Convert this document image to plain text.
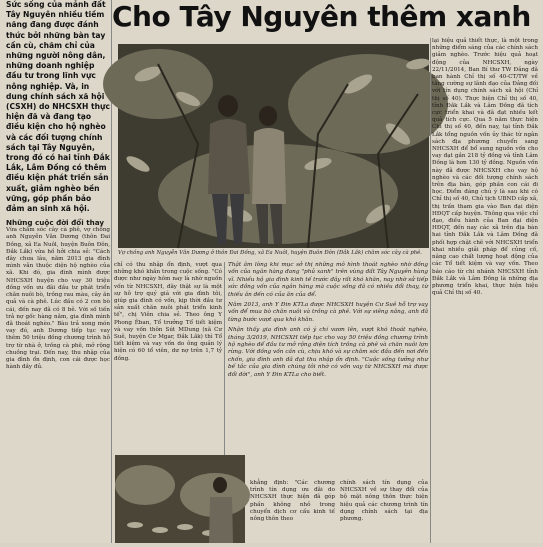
Sức sống của mảnh đất Tây Nguyên nhiều tiềm năng đang được đánh thức bởi những bàn tay cần cù, chăm chỉ của những người nông dân, những doanh nghiệp đầu tư trong lĩnh vực nông nghiệp. Và, in dung chính sách xã hội (CSXH) do NHCSXH thực hiện đã và đang tạo điều kiện cho hộ nghèo và các đối tượng chính sách tại Tây Nguyên, trong đó có hai tỉnh Đắk Lắk, Lâm Đồng có thêm điều kiện phát triển sản xuất, giảm nghèo bền vững, góp phần bảo đảm an sinh xã hội.
Những cuộc đời đổi thay

Vừa chăm sóc cây cà phê, vợ chồng anh Nguyễn Văn Dương (thôn Đai Đồng, xã Ea Nuôl, huyện Buôn Đôn, Đắk Lắk) vừa hồ hởi chia sẻ: "Cách đây chưa lâu, năm 2013 gia đình mình vẫn thuộc diện hộ nghèo của xã. Khi đó, gia đình mình được NHCSXH huyện cho vay 30 triệu đồng vốn ưu đãi đầu tư phát triển chăn nuôi bò, trồng rau màu, cây ăn quả và cà phê. Lúc đầu có 2 con bò cái, đến nay đã có 8 bê. Với số tiền trả nợ gốc hàng năm, gia đình mình đã thoát nghèo." Bàu trả xong món vay đó, anh Dương tiếp tục vay thêm 50 triệu đồng chương trình hỗ trợ từ nhà ở, trồng cà phê, mở rộng chuồng trại. Đến nay, thu nhập của gia đình ổn định, con cái được học hành đầy đủ.

Cho Tây Nguyên thêm xanh
Vợ chồng anh Nguyễn Văn Dương ở thôn Đai Đồng, xã Ea Nuôl, huyện Buôn Đôn (Đắk Lắk) chăm sóc cây cà phê.

chỉ có thu nhập ổn định, vượt qua những khó khăn trong cuộc sống. "Có được như ngày hôm nay là nhờ nguồn vốn từ NHCSXH, đây thật sự là một sự hỗ trợ quý giá với gia đình tôi, giúp gia đình có vốn, kịp thời đầu tư sản xuất chăn nuôi phát triển kinh tế", chị Viên chia sẻ. Theo ông Y Phong Êban, Tổ trưởng Tổ tiết kiệm và vay vốn thôn Sút MDung (xã Cư Suê, huyện Cư Mgar, Đắk Lắk) thì Tổ tiết kiệm và vay vốn do ông quản lý hiện có 60 tổ viên, dư nợ trên 1,7 tỷ đồng.

Thật âm lòng khi mục sở thị những mô hình thoát nghèo nhờ đồng vốn của ngân hàng đang "phủ xanh" trên vùng đất Tây Nguyên hùng vĩ. Nhiều hộ gia đình kinh tế trước đây rất khó khăn, nay nhờ sử tiếp sức đồng vốn của ngân hàng mà cuộc sống đã có nhiều đổi thay, từ thiếu ăn đến có của ăn của để.

Năm 2013, anh Y Đin KTLa được NHCSXH huyện Cư Suê hỗ trợ vay vốn để mua bò chăn nuôi và trồng cà phê. Với sự siêng năng, anh đã từng bước vượt qua khó khăn.

Nhận thấy gia đình anh có ý chí vươn lên, vượt khó thoát nghèo, tháng 3/2019, NHCSXH tiếp tục cho vay 50 triệu đồng chương trình hộ nghèo để đầu tư mở rộng diện tích trồng cà phê và chăn nuôi lợn rừng. Với đồng vốn cần cù, chịu khó và sự chăm sóc đầu đến nơi đến chốn, gia đình anh đã đạt thu nhập ổn định. "Cuộc sống tưởng như bế tắc của gia đình chúng tôi nhờ có vốn vay từ NHCSXH mà được đổi đời", anh Y Đin KTLa cho biết.

khẳng định: "Các chương trình tín dụng ưu đãi do NHCSXH thực hiện đã góp phần không nhỏ trong chuyển dịch cơ cấu kinh tế nông thôn theo

chính sách tín dụng của NHCSXH về sự thay đổi của bộ mặt nông thôn thực hiện hiệu quả các chương trình tín dụng chính sách tại địa phương.

lại hiệu quả thiết thực, là một trong những điểm sáng của các chính sách giảm nghèo. Trước hiệu quả hoạt động của NHCSXH, ngày 22/11/2014, Ban Bí thư TW Đảng đã ban hành Chỉ thị số 40-CT/TW về tăng cường sự lãnh đạo của Đảng đối với tín dụng chính sách xã hội (Chỉ thị số 40). Thực hiện Chỉ thị số 40, tỉnh Đắk Lắk và Lâm Đồng đã tích cực triển khai và đã đạt nhiều kết quả tích cực. Qua 5 năm thực hiện Chỉ thị số 40, đến nay, tại tỉnh Đắk Lắk tổng nguồn vốn ủy thác từ ngân sách địa phương chuyển sang NHCSXH để bổ sung nguồn vốn cho vay đạt gần 218 tỷ đồng và tỉnh Lâm Đồng là hơn 130 tỷ đồng. Nguồn vốn này đã được NHCSXH cho vay hộ nghèo và các đối tượng chính sách trên địa bàn, góp phần con cái đi học. Điểm đáng chú ý là sau khi có Chỉ thị số 40, Chủ tịch UBND cấp xã, thị trấn tham gia vào Ban đại diện HĐQT cấp huyện. Thông qua việc chỉ đạo, điều hành của Ban đại diện HĐQT, đến nay các xã trên địa bàn hai tỉnh Đắk Lắk và Lâm Đồng đã phối hợp chặt chẽ với NHCSXH triển khai nhiều giải pháp để củng cố, nâng cao chất lượng hoạt động của các Tổ tiết kiệm và vay vốn. Theo báo cáo từ chi nhánh NHCSXH tỉnh Đắk Lắk và Lâm Đồng là những địa phương triển khai, thực hiện hiệu quả Chỉ thị số 40.
